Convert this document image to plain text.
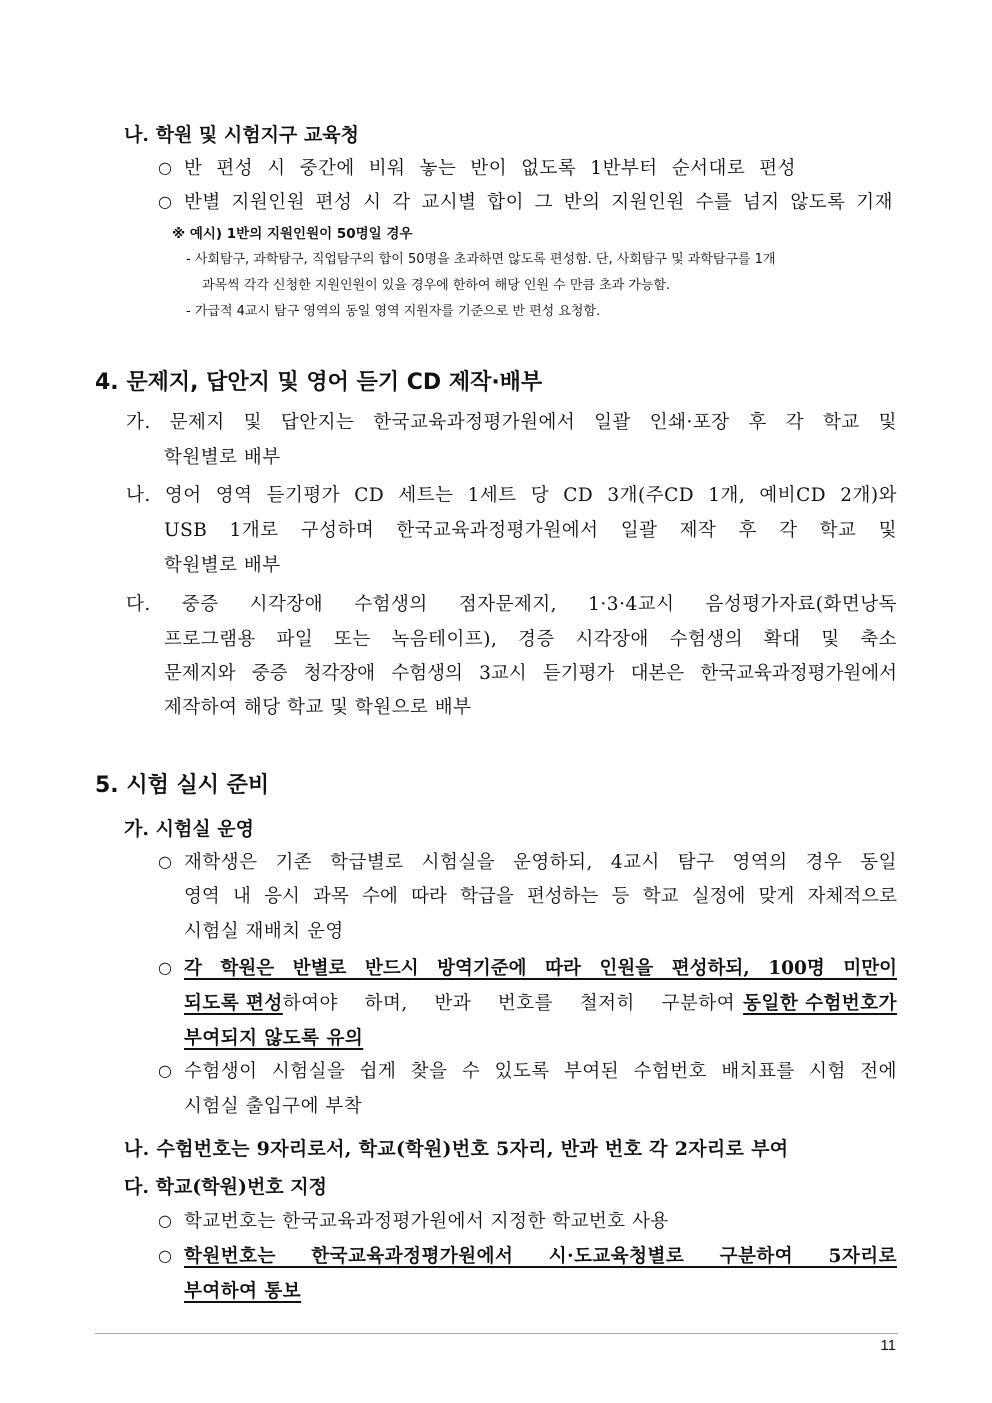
나. 학원 및 시험지구 교육청

○ 반 편성 시 중간에 비워 놓는 반이 없도록 1반부터 순서대로 편성

○ 반별 지원인원 편성 시 각 교시별 합이 그 반의 지원인원 수를 넘지 않도록 기재

※ 예시) 1반의 지원인원이 50명일 경우

- 사회탐구, 과학탐구, 직업탐구의 합이 50명을 초과하면 않도록 편성함. 단, 사회탐구 및 과학탐구를 1개

과목씩 각각 신청한 지원인원이 있을 경우에 한하여 해당 인원 수 만큼 초과 가능함.

- 가급적 4교시 탐구 영역의 동일 영역 지원자를 기준으로 반 편성 요청함.

4. 문제지, 답안지 및 영어 듣기 CD 제작·배부

가. 문제지 및 답안지는 한국교육과정평가원에서 일괄 인쇄·포장 후 각 학교 및

학원별로 배부

나. 영어 영역 듣기평가 CD 세트는 1세트 당 CD 3개(주CD 1개, 예비CD 2개)와

USB 1개로 구성하며 한국교육과정평가원에서 일괄 제작 후 각 학교 및

학원별로 배부

다. 중증 시각장애 수험생의 점자문제지, 1·3·4교시 음성평가자료(화면낭독

프로그램용 파일 또는 녹음테이프), 경증 시각장애 수험생의 확대 및 축소

문제지와 중증 청각장애 수험생의 3교시 듣기평가 대본은 한국교육과정평가원에서

제작하여 해당 학교 및 학원으로 배부

5. 시험 실시 준비

가. 시험실 운영

○ 재학생은 기존 학급별로 시험실을 운영하되, 4교시 탐구 영역의 경우 동일

영역 내 응시 과목 수에 따라 학급을 편성하는 등 학교 실정에 맞게 자체적으로

시험실 재배치 운영

○ 각 학원은 반별로 반드시 방역기준에 따라 인원을 편성하되, 100명 미만이

되도록 편성 하여야 하며, 반과 번호를 철저히 구분하여 동일한 수험번호가

부여되지 않도록 유의

○ 수험생이 시험실을 쉽게 찾을 수 있도록 부여된 수험번호 배치표를 시험 전에

시험실 출입구에 부착

나. 수험번호는 9자리로서, 학교(학원)번호 5자리, 반과 번호 각 2자리로 부여

다. 학교(학원)번호 지정

○ 학교번호는 한국교육과정평가원에서 지정한 학교번호 사용

○ 학원번호는 한국교육과정평가원에서 시·도교육청별로 구분하여 5자리로

부여하여 통보

11
